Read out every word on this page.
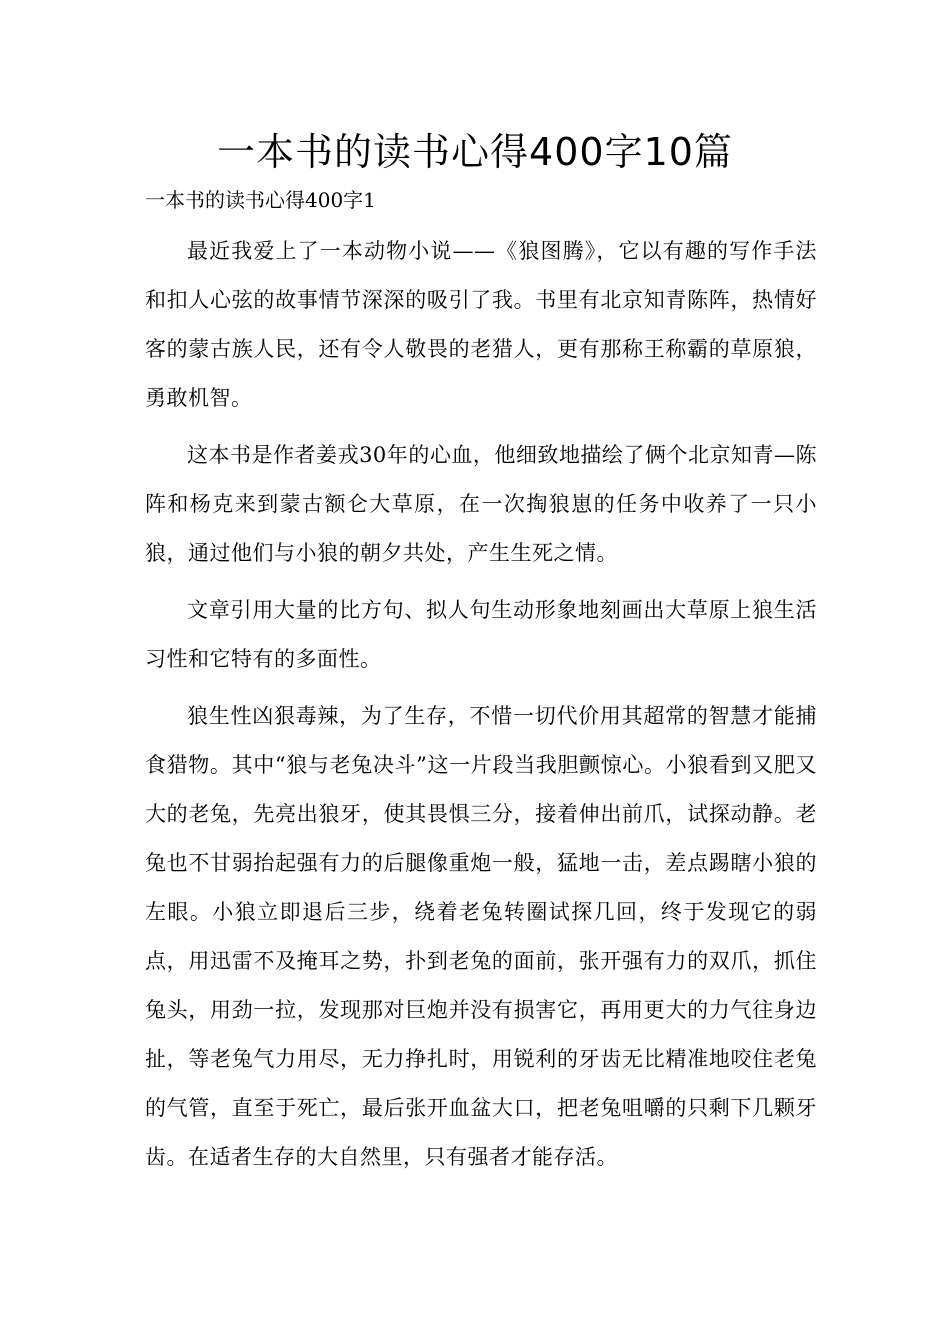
一本书的读书心得400字10篇

一本书的读书心得400字1

最近我爱上了一本动物小说——《狼图腾》，它以有趣的写作手法和扣人心弦的故事情节深深的吸引了我。书里有北京知青陈阵，热情好客的蒙古族人民，还有令人敬畏的老猎人，更有那称王称霸的草原狼，勇敢机智。

这本书是作者姜戎30年的心血，他细致地描绘了俩个北京知青—陈阵和杨克来到蒙古额仑大草原，在一次掏狼崽的任务中收养了一只小狼，通过他们与小狼的朝夕共处，产生生死之情。

文章引用大量的比方句、拟人句生动形象地刻画出大草原上狼生活习性和它特有的多面性。

狼生性凶狠毒辣，为了生存，不惜一切代价用其超常的智慧才能捕食猎物。其中“狼与老兔决斗”这一片段当我胆颤惊心。小狼看到又肥又大的老兔，先亮出狼牙，使其畏惧三分，接着伸出前爪，试探动静。老兔也不甘弱抬起强有力的后腿像重炮一般，猛地一击，差点踢瞎小狼的左眼。小狼立即退后三步，绕着老兔转圈试探几回，终于发现它的弱点，用迅雷不及掩耳之势，扑到老兔的面前，张开强有力的双爪，抓住兔头，用劲一拉，发现那对巨炮并没有损害它，再用更大的力气往身边扯，等老兔气力用尽，无力挣扎时，用锐利的牙齿无比精准地咬住老兔的气管，直至于死亡，最后张开血盆大口，把老兔咀嚼的只剩下几颗牙齿。在适者生存的大自然里，只有强者才能存活。
